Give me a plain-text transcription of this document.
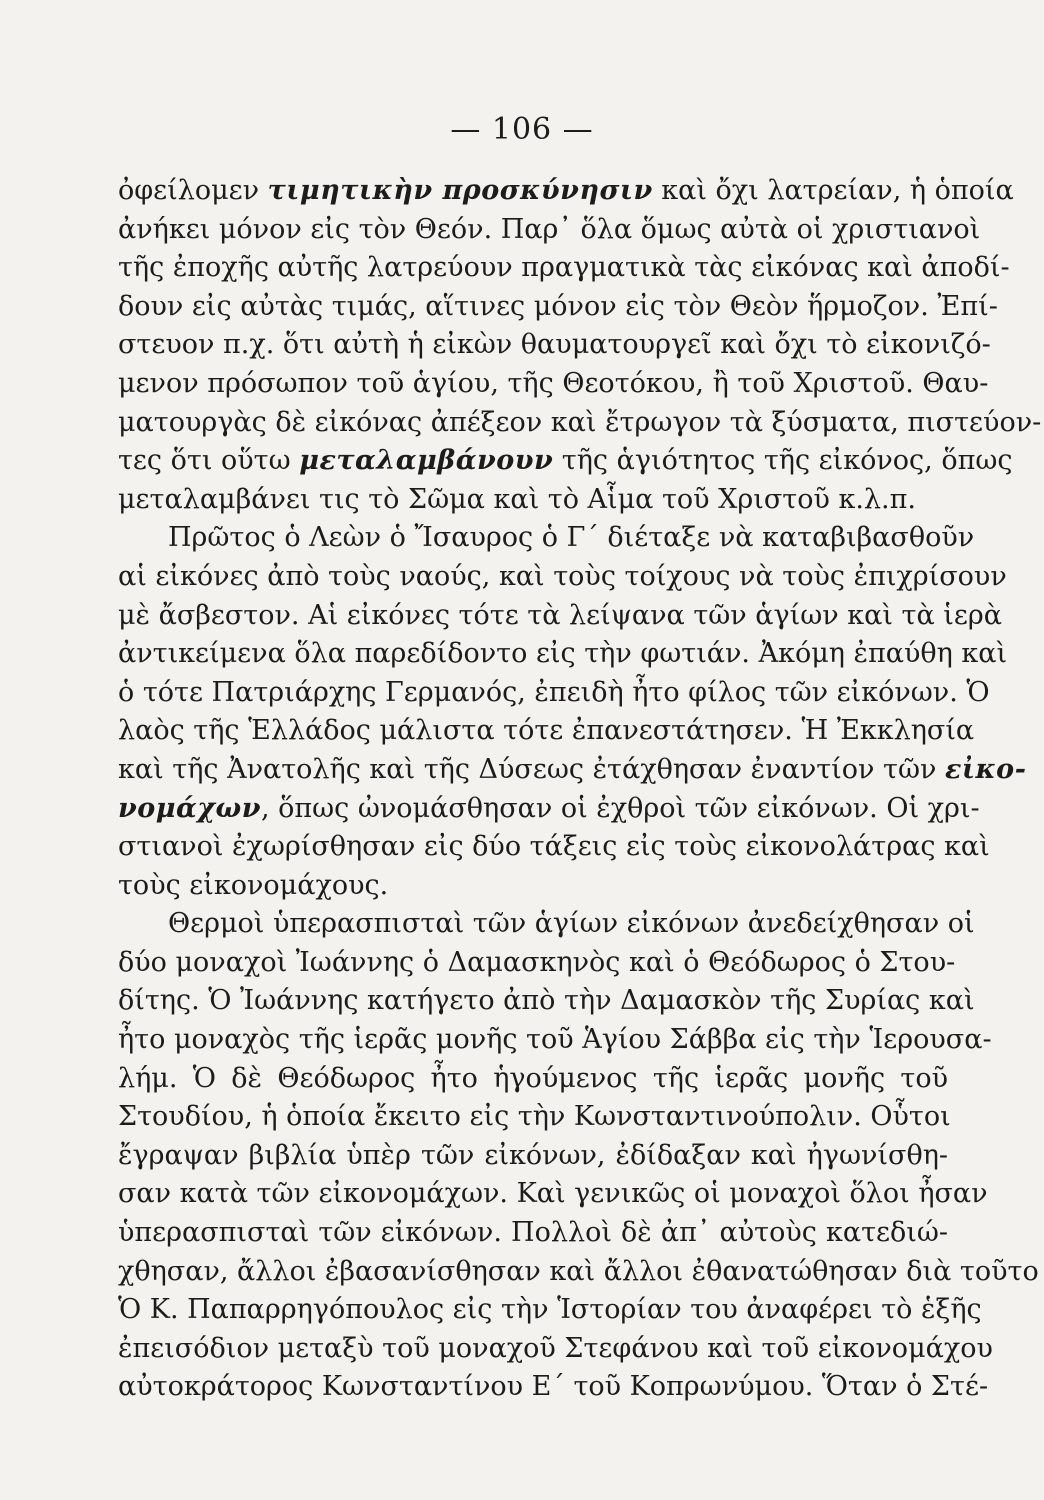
— 106 —
ὀφείλομεν τιμητικὴν προσκύνησιν καὶ ὄχι λατρείαν, ἡ ὁποία
ἀνήκει μόνον εἰς τὸν Θεόν. Παρ᾽ ὅλα ὅμως αὐτὰ οἱ χριστιανοὶ
τῆς ἐποχῆς αὐτῆς λατρεύουν πραγματικὰ τὰς εἰκόνας καὶ ἀποδί-
δουν εἰς αὐτὰς τιμάς, αἵτινες μόνον εἰς τὸν Θεὸν ἥρμοζον. Ἐπί-
στευον π.χ. ὅτι αὐτὴ ἡ εἰκὼν θαυματουργεῖ καὶ ὄχι τὸ εἰκονιζό-
μενον πρόσωπον τοῦ ἁγίου, τῆς Θεοτόκου, ἢ τοῦ Χριστοῦ. Θαυ-
ματουργὰς δὲ εἰκόνας ἀπέξεον καὶ ἔτρωγον τὰ ξύσματα, πιστεύον-
τες ὅτι οὕτω μεταλαμβάνουν τῆς ἁγιότητος τῆς εἰκόνος, ὅπως
μεταλαμβάνει τις τὸ Σῶμα καὶ τὸ Αἷμα τοῦ Χριστοῦ κ.λ.π.
Πρῶτος ὁ Λεὼν ὁ Ἴσαυρος ὁ Γ΄ διέταξε νὰ καταβιβασθοῦν
αἱ εἰκόνες ἀπὸ τοὺς ναούς, καὶ τοὺς τοίχους νὰ τοὺς ἐπιχρίσουν
μὲ ἄσβεστον. Αἱ εἰκόνες τότε τὰ λείψανα τῶν ἁγίων καὶ τὰ ἱερὰ
ἀντικείμενα ὅλα παρεδίδοντο εἰς τὴν φωτιάν. Ἀκόμη ἐπαύθη καὶ
ὁ τότε Πατριάρχης Γερμανός, ἐπειδὴ ἦτο φίλος τῶν εἰκόνων. Ὁ
λαὸς τῆς Ἑλλάδος μάλιστα τότε ἐπανεστάτησεν. Ἡ Ἐκκλησία
καὶ τῆς Ἀνατολῆς καὶ τῆς Δύσεως ἐτάχθησαν ἐναντίον τῶν εἰκο-
νομάχων, ὅπως ὠνομάσθησαν οἱ ἐχθροὶ τῶν εἰκόνων. Οἱ χρι-
στιανοὶ ἐχωρίσθησαν εἰς δύο τάξεις εἰς τοὺς εἰκονολάτρας καὶ
τοὺς εἰκονομάχους.
Θερμοὶ ὑπερασπισταὶ τῶν ἁγίων εἰκόνων ἀνεδείχθησαν οἱ
δύο μοναχοὶ Ἰωάννης ὁ Δαμασκηνὸς καὶ ὁ Θεόδωρος ὁ Στου-
δίτης. Ὁ Ἰωάννης κατήγετο ἀπὸ τὴν Δαμασκὸν τῆς Συρίας καὶ
ἦτο μοναχὸς τῆς ἱερᾶς μονῆς τοῦ Ἁγίου Σάββα εἰς τὴν Ἱερουσα-
λήμ. Ὁ δὲ Θεόδωρος ἦτο ἡγούμενος τῆς ἱερᾶς μονῆς τοῦ
Στουδίου, ἡ ὁποία ἔκειτο εἰς τὴν Κωνσταντινούπολιν. Οὗτοι
ἔγραψαν βιβλία ὑπὲρ τῶν εἰκόνων, ἐδίδαξαν καὶ ἠγωνίσθη-
σαν κατὰ τῶν εἰκονομάχων. Καὶ γενικῶς οἱ μοναχοὶ ὅλοι ἦσαν
ὑπερασπισταὶ τῶν εἰκόνων. Πολλοὶ δὲ ἀπ᾽ αὐτοὺς κατεδιώ-
χθησαν, ἄλλοι ἐβασανίσθησαν καὶ ἄλλοι ἐθανατώθησαν διὰ τοῦτο
Ὁ Κ. Παπαρρηγόπουλος εἰς τὴν Ἱστορίαν του ἀναφέρει τὸ ἑξῆς
ἐπεισόδιον μεταξὺ τοῦ μοναχοῦ Στεφάνου καὶ τοῦ εἰκονομάχου
αὐτοκράτορος Κωνσταντίνου Ε΄ τοῦ Κοπρωνύμου. Ὅταν ὁ Στέ-
